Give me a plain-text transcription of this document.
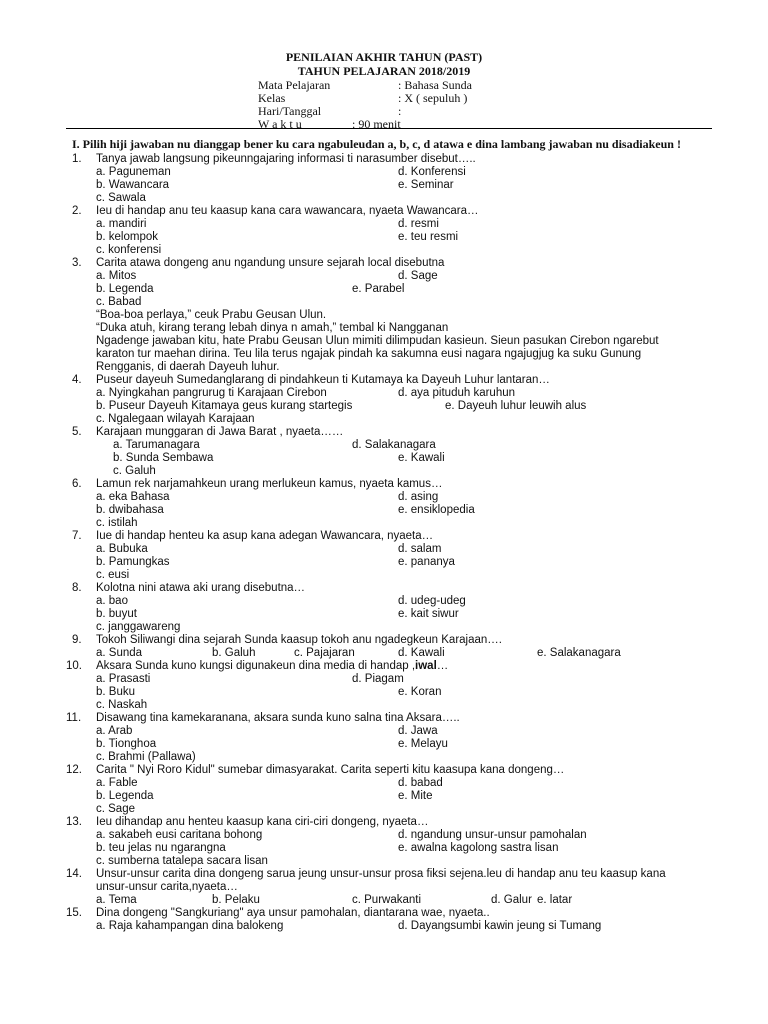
PENILAIAN AKHIR TAHUN (PAST)
TAHUN PELAJARAN 2018/2019
Mata Pelajaran	: Bahasa Sunda
Kelas	: X ( sepuluh )
Hari/Tanggal	:
W a k t u	: 90 menit
I. Pilih hiji jawaban nu dianggap bener ku cara ngabuleudan a, b, c, d atawa e dina lambang jawaban nu disadiakeun !
1. Tanya jawab langsung pikeunngajaring informasi ti narasumber disebut…..
a. Paguneman	d. Konferensi
b. Wawancara	e. Seminar
c. Sawala
2. Ieu di handap anu teu kaasup kana cara wawancara, nyaeta Wawancara…
a. mandiri	d. resmi
b. kelompok	e. teu resmi
c. konferensi
3. Carita atawa dongeng anu ngandung unsure sejarah local disebutna
a. Mitos	d. Sage
b. Legenda	e. Parabel
c. Babad
“Boa-boa perlaya,” ceuk Prabu Geusan Ulun.
“Duka atuh, kirang terang lebah dinya n amah,” tembal ki Nangganan
Ngadenge jawaban kitu, hate Prabu Geusan Ulun mimiti dilimpudan kasieun. Sieun pasukan Cirebon ngarebut
karaton tur maehan dirina. Teu lila terus ngajak pindah ka sakumna eusi nagara ngajugjug ka suku Gunung
Rengganis, di daerah Dayeuh luhur.
4. Puseur dayeuh Sumedanglarang di pindahkeun ti Kutamaya ka Dayeuh Luhur lantaran…
a. Nyingkahan pangrurug ti Karajaan Cirebon	d. aya pituduh karuhun
b. Puseur Dayeuh Kitamaya geus kurang startegis	e. Dayeuh luhur leuwih alus
c. Ngalegaan wilayah Karajaan
5. Karajaan munggaran di Jawa Barat , nyaeta……
a. Tarumanagara	d. Salakanagara
b. Sunda Sembawa	e. Kawali
c. Galuh
6. Lamun rek narjamahkeun urang merlukeun kamus, nyaeta kamus…
a. eka Bahasa	d. asing
b. dwibahasa	e. ensiklopedia
c. istilah
7. Iue di handap henteu ka asup kana adegan Wawancara, nyaeta…
a. Bubuka	d. salam
b. Pamungkas	e. pananya
c. eusi
8. Kolotna nini atawa aki urang disebutna…
a. bao	d. udeg-udeg
b. buyut	e. kait siwur
c. janggawareng
9. Tokoh Siliwangi dina sejarah Sunda kaasup tokoh anu ngadegkeun Karajaan….
a. Sunda	b. Galuh	c. Pajajaran	d. Kawali	e. Salakanagara
10. Aksara Sunda kuno kungsi digunakeun dina media di handap ,iwal…
a. Prasasti	d. Piagam
b. Buku	e. Koran
c. Naskah
11. Disawang tina kamekaranana, aksara sunda kuno salna tina Aksara…..
a. Arab	d. Jawa
b. Tionghoa	e. Melayu
c. Brahmi (Pallawa)
12. Carita " Nyi Roro Kidul" sumebar dimasyarakat. Carita seperti kitu kaasupa kana dongeng…
a. Fable	d. babad
b. Legenda	e. Mite
c. Sage
13. Ieu dihandap anu henteu kaasup kana ciri-ciri dongeng, nyaeta…
a. sakabeh eusi caritana bohong	d. ngandung unsur-unsur pamohalan
b. teu jelas nu ngarangna	e. awalna kagolong sastra lisan
c. sumberna tatalepa sacara lisan
14. Unsur-unsur carita dina dongeng sarua jeung unsur-unsur prosa fiksi sejena.leu di handap anu teu kaasup kana
unsur-unsur carita,nyaeta…
a. Tema	b. Pelaku	c. Purwakanti	d. Galur e. latar
15. Dina dongeng "Sangkuriang" aya unsur pamohalan, diantarana wae, nyaeta..
a. Raja kahampangan dina balokeng	d. Dayangsumbi kawin jeung si Tumang
